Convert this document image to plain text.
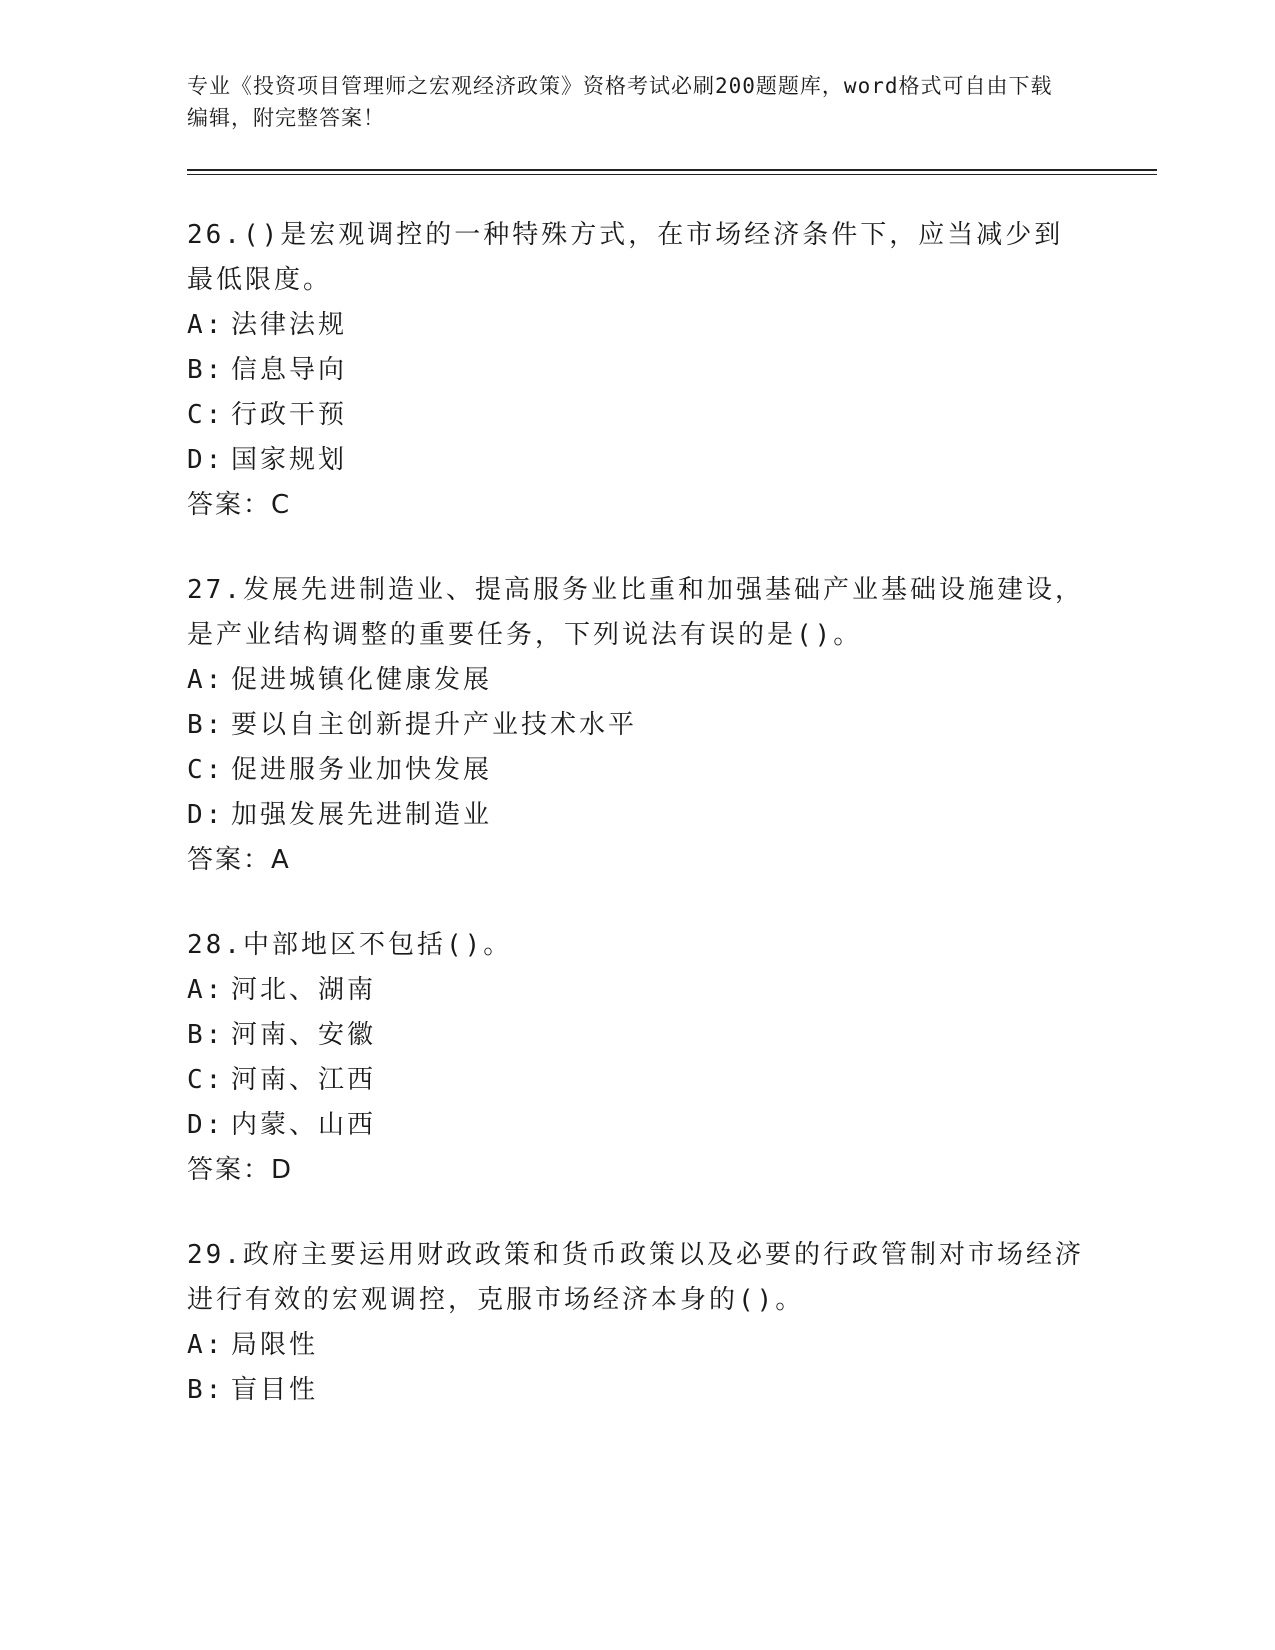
专业《投资项目管理师之宏观经济政策》资格考试必刷200题题库，word格式可自由下载编辑，附完整答案！

26.()是宏观调控的一种特殊方式，在市场经济条件下，应当减少到最低限度。

A: 法律法规

B: 信息导向

C: 行政干预

D: 国家规划

答案：C

27.发展先进制造业、提高服务业比重和加强基础产业基础设施建设，是产业结构调整的重要任务，下列说法有误的是()。

A: 促进城镇化健康发展

B: 要以自主创新提升产业技术水平

C: 促进服务业加快发展

D: 加强发展先进制造业

答案：A

28.中部地区不包括()。

A: 河北、湖南

B: 河南、安徽

C: 河南、江西

D: 内蒙、山西

答案：D

29.政府主要运用财政政策和货币政策以及必要的行政管制对市场经济进行有效的宏观调控，克服市场经济本身的()。

A: 局限性

B: 盲目性
